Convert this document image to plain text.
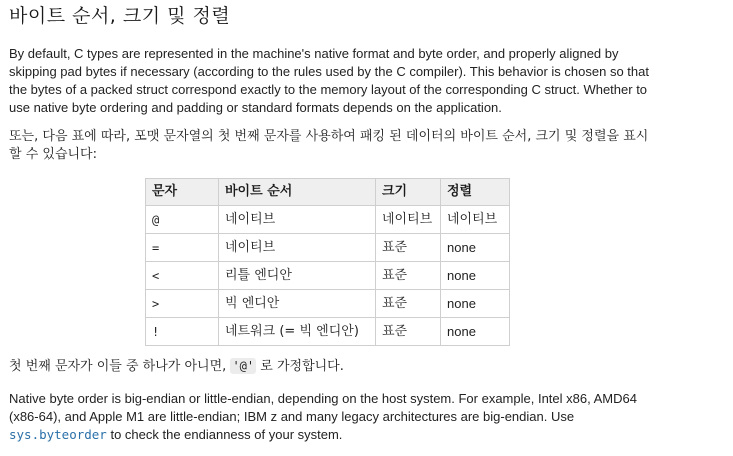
바이트 순서, 크기 및 정렬

By default, C types are represented in the machine's native format and byte order, and properly aligned by skipping pad bytes if necessary (according to the rules used by the C compiler). This behavior is chosen so that the bytes of a packed struct correspond exactly to the memory layout of the corresponding C struct. Whether to use native byte ordering and padding or standard formats depends on the application.

또는, 다음 표에 따라, 포맷 문자열의 첫 번째 문자를 사용하여 패킹 된 데이터의 바이트 순서, 크기 및 정렬을 표시할 수 있습니다:

문자	바이트 순서	크기	정렬
@	네이티브	네이티브	네이티브
=	네이티브	표준	none
<	리틀 엔디안	표준	none
>	빅 엔디안	표준	none
!	네트워크 (= 빅 엔디안)	표준	none

첫 번째 문자가 이들 중 하나가 아니면, '@' 로 가정합니다.

Native byte order is big-endian or little-endian, depending on the host system. For example, Intel x86, AMD64 (x86-64), and Apple M1 are little-endian; IBM z and many legacy architectures are big-endian. Use sys.byteorder to check the endianness of your system.
